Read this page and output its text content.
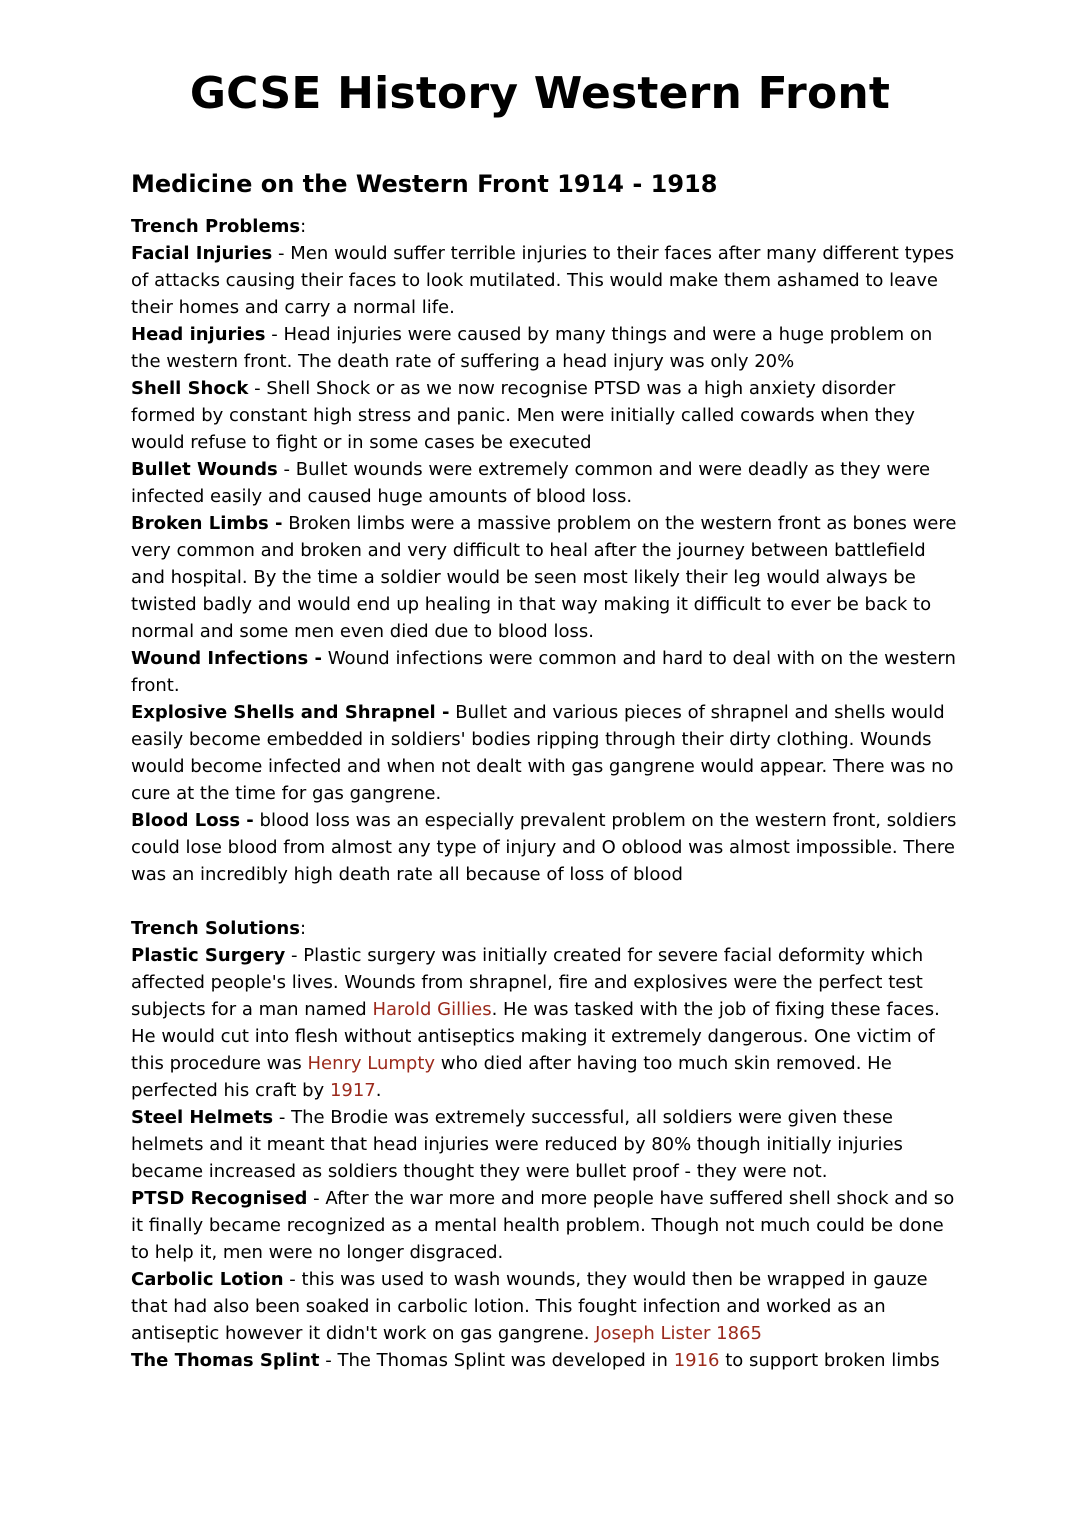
GCSE History Western Front
Medicine on the Western Front 1914 - 1918

Trench Problems:

Facial Injuries - Men would suffer terrible injuries to their faces after many different types of attacks causing their faces to look mutilated. This would make them ashamed to leave their homes and carry a normal life.

Head injuries - Head injuries were caused by many things and were a huge problem on the western front. The death rate of suffering a head injury was only 20%

Shell Shock - Shell Shock or as we now recognise PTSD was a high anxiety disorder formed by constant high stress and panic. Men were initially called cowards when they would refuse to fight or in some cases be executed

Bullet Wounds - Bullet wounds were extremely common and were deadly as they were infected easily and caused huge amounts of blood loss.

Broken Limbs - Broken limbs were a massive problem on the western front as bones were very common and broken and very difficult to heal after the journey between battlefield and hospital. By the time a soldier would be seen most likely their leg would always be twisted badly and would end up healing in that way making it difficult to ever be back to normal and some men even died due to blood loss.

Wound Infections - Wound infections were common and hard to deal with on the western front.

Explosive Shells and Shrapnel - Bullet and various pieces of shrapnel and shells would easily become embedded in soldiers' bodies ripping through their dirty clothing. Wounds would become infected and when not dealt with gas gangrene would appear. There was no cure at the time for gas gangrene.

Blood Loss - blood loss was an especially prevalent problem on the western front, soldiers could lose blood from almost any type of injury and O oblood was almost impossible. There was an incredibly high death rate all because of loss of blood

Trench Solutions:

Plastic Surgery - Plastic surgery was initially created for severe facial deformity which affected people's lives. Wounds from shrapnel, fire and explosives were the perfect test subjects for a man named Harold Gillies. He was tasked with the job of fixing these faces. He would cut into flesh without antiseptics making it extremely dangerous. One victim of this procedure was Henry Lumpty who died after having too much skin removed. He perfected his craft by 1917.

Steel Helmets - The Brodie was extremely successful, all soldiers were given these helmets and it meant that head injuries were reduced by 80% though initially injuries became increased as soldiers thought they were bullet proof - they were not.

PTSD Recognised - After the war more and more people have suffered shell shock and so it finally became recognized as a mental health problem. Though not much could be done to help it, men were no longer disgraced.

Carbolic Lotion - this was used to wash wounds, they would then be wrapped in gauze that had also been soaked in carbolic lotion. This fought infection and worked as an antiseptic however it didn't work on gas gangrene. Joseph Lister 1865

The Thomas Splint - The Thomas Splint was developed in 1916 to support broken limbs
